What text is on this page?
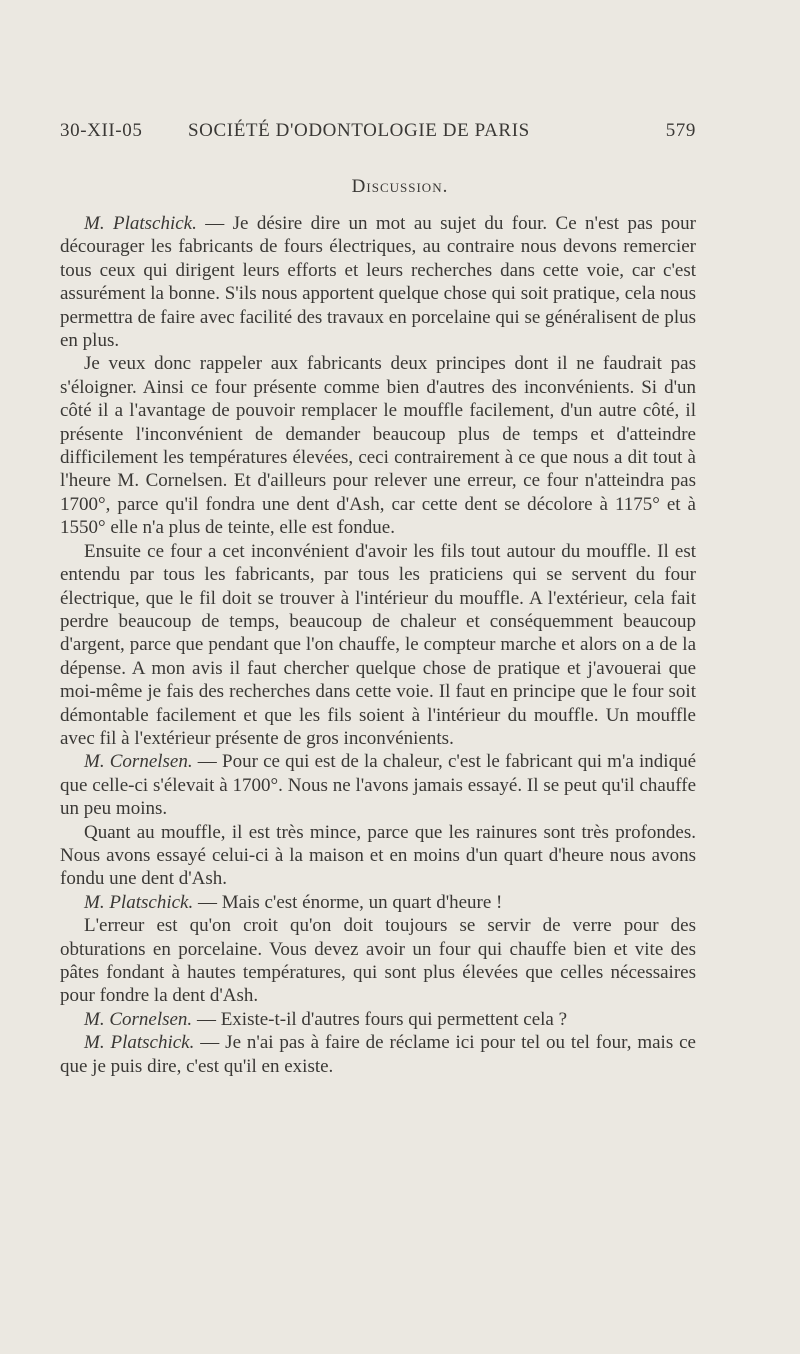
30-XII-05 SOCIÉTÉ D'ODONTOLOGIE DE PARIS	579
Discussion.

M. Platschick. — Je désire dire un mot au sujet du four. Ce n'est pas pour décourager les fabricants de fours électriques, au contraire nous devons remercier tous ceux qui dirigent leurs efforts et leurs recherches dans cette voie, car c'est assurément la bonne. S'ils nous apportent quelque chose qui soit pratique, cela nous permettra de faire avec facilité des travaux en porcelaine qui se généralisent de plus en plus.

Je veux donc rappeler aux fabricants deux principes dont il ne faudrait pas s'éloigner. Ainsi ce four présente comme bien d'autres des inconvénients. Si d'un côté il a l'avantage de pouvoir remplacer le mouffle facilement, d'un autre côté, il présente l'inconvénient de demander beaucoup plus de temps et d'atteindre difficilement les températures élevées, ceci contrairement à ce que nous a dit tout à l'heure M. Cornelsen. Et d'ailleurs pour relever une erreur, ce four n'atteindra pas 1700°, parce qu'il fondra une dent d'Ash, car cette dent se décolore à 1175° et à 1550° elle n'a plus de teinte, elle est fondue.

Ensuite ce four a cet inconvénient d'avoir les fils tout autour du mouffle. Il est entendu par tous les fabricants, par tous les praticiens qui se servent du four électrique, que le fil doit se trouver à l'intérieur du mouffle. A l'extérieur, cela fait perdre beaucoup de temps, beaucoup de chaleur et conséquemment beaucoup d'argent, parce que pendant que l'on chauffe, le compteur marche et alors on a de la dépense. A mon avis il faut chercher quelque chose de pratique et j'avouerai que moi-même je fais des recherches dans cette voie. Il faut en principe que le four soit démontable facilement et que les fils soient à l'intérieur du mouffle. Un mouffle avec fil à l'extérieur présente de gros inconvénients.

M. Cornelsen. — Pour ce qui est de la chaleur, c'est le fabricant qui m'a indiqué que celle-ci s'élevait à 1700°. Nous ne l'avons jamais essayé. Il se peut qu'il chauffe un peu moins.

Quant au mouffle, il est très mince, parce que les rainures sont très profondes. Nous avons essayé celui-ci à la maison et en moins d'un quart d'heure nous avons fondu une dent d'Ash.

M. Platschick. — Mais c'est énorme, un quart d'heure !

L'erreur est qu'on croit qu'on doit toujours se servir de verre pour des obturations en porcelaine. Vous devez avoir un four qui chauffe bien et vite des pâtes fondant à hautes températures, qui sont plus élevées que celles nécessaires pour fondre la dent d'Ash.

M. Cornelsen. — Existe-t-il d'autres fours qui permettent cela ?

M. Platschick. — Je n'ai pas à faire de réclame ici pour tel ou tel four, mais ce que je puis dire, c'est qu'il en existe.
